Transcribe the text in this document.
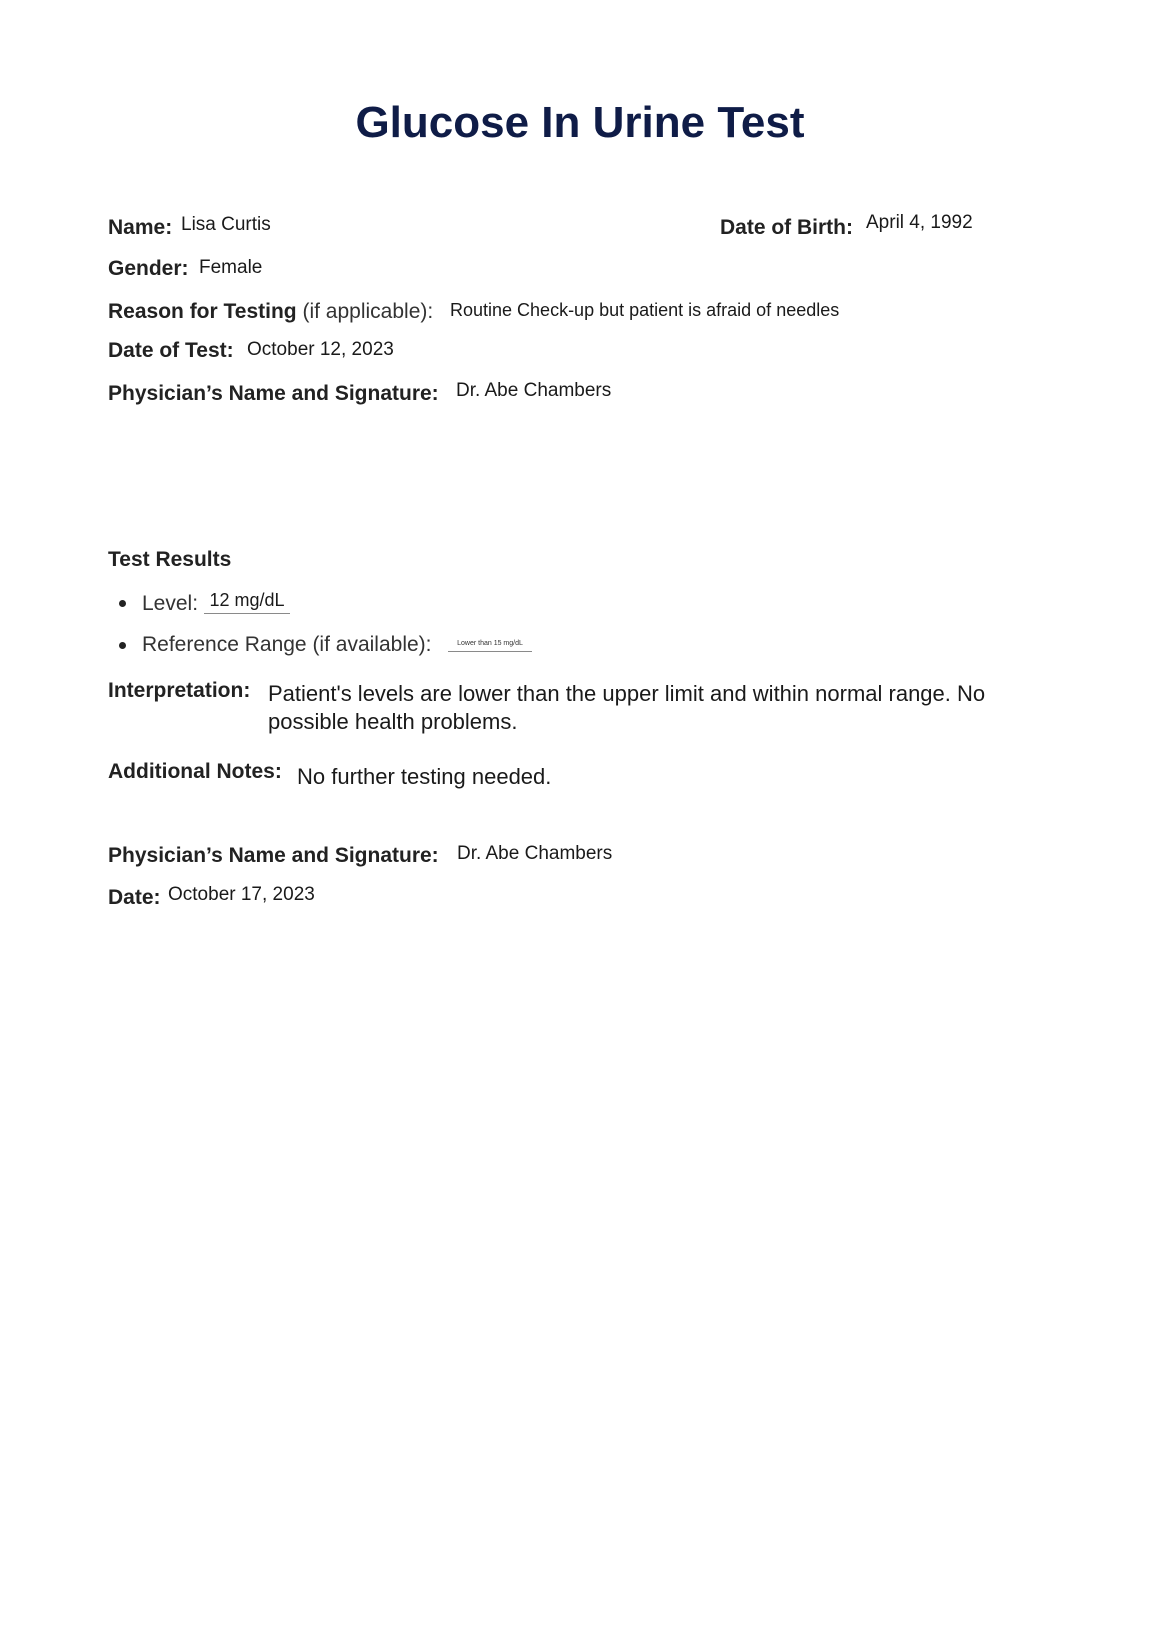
Glucose In Urine Test
Name: Lisa Curtis	Date of Birth: April 4, 1992
Gender: Female
Reason for Testing (if applicable): Routine Check-up but patient is afraid of needles
Date of Test: October 12, 2023
Physician’s Name and Signature: Dr. Abe Chambers
Test Results
Level: 12 mg/dL
Reference Range (if available):	Lower than 15 mg/dL
Interpretation: Patient's levels are lower than the upper limit and within normal range. No possible health problems.
Additional Notes: No further testing needed.
Physician’s Name and Signature: Dr. Abe Chambers
Date: October 17, 2023
